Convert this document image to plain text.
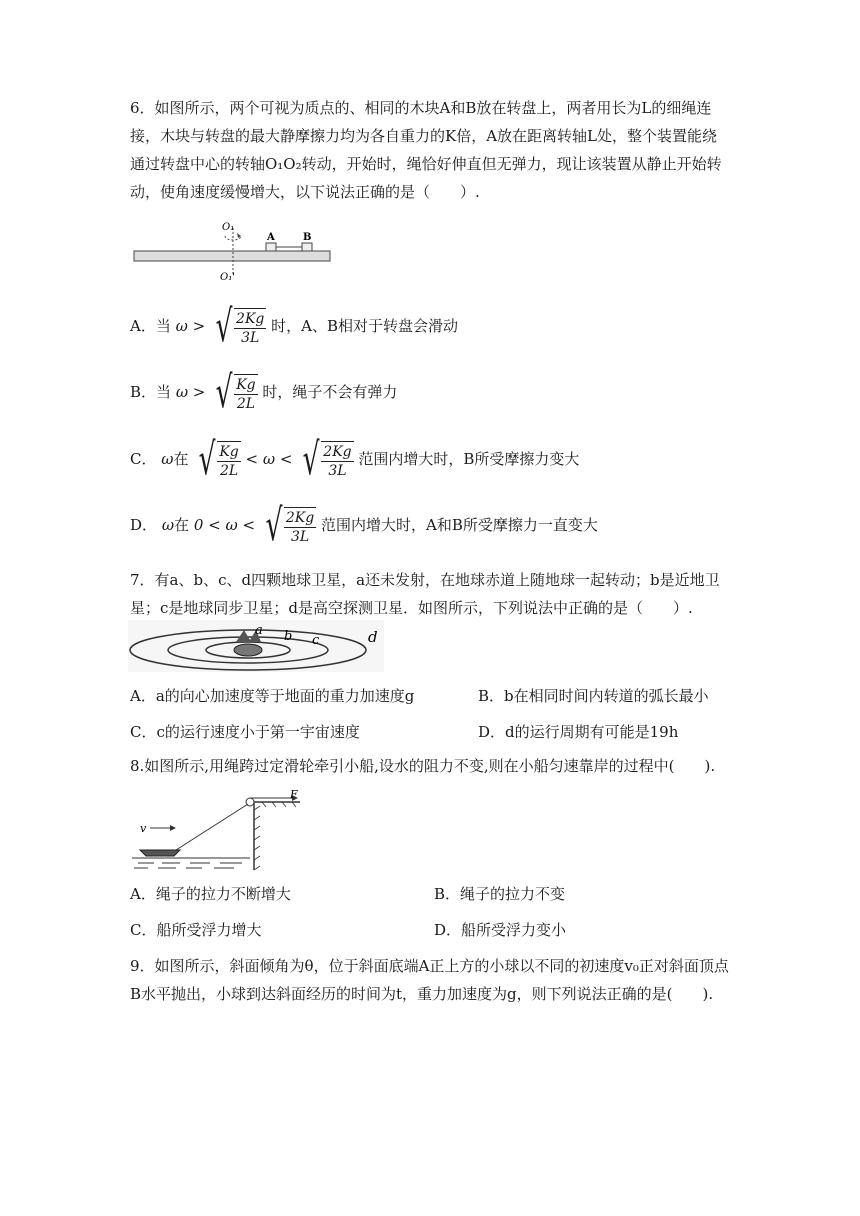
6．如图所示，两个可视为质点的、相同的木块A和B放在转盘上，两者用长为L的细绳连接，木块与转盘的最大静摩擦力均为各自重力的K倍，A放在距离转轴L处，整个装置能绕通过转盘中心的转轴O₁O₂转动，开始时，绳恰好伸直但无弹力，现让该装置从静止开始转动，使角速度缓慢增大，以下说法正确的是（　　）.
O₁
O₁'
A	B
A．当 ω > √ $\frac{2Kg}{3L}$ 时，A、B相对于转盘会滑动
B．当 ω > √ $\frac{Kg}{2L}$ 时，绳子不会有弹力
C． ω在 √ $\frac{Kg}{2L} < \omega$ < √ $\frac{2Kg}{3L}$ 范围内增大时，B所受摩擦力变大
D． ω在 0 < ω < √ $\frac{2Kg}{3L}$ 范围内增大时，A和B所受摩擦力一直变大
7．有a、b、c、d四颗地球卫星，a还未发射，在地球赤道上随地球一起转动；b是近地卫星；c是地球同步卫星；d是高空探测卫星．如图所示，下列说法中正确的是（　　）.
a b c	d
A．a的向心加速度等于地面的重力加速度g	B．b在相同时间内转道的弧长最小
C．c的运行速度小于第一宇宙速度	D．d的运行周期有可能是19h
8.如图所示,用绳跨过定滑轮牵引小船,设水的阻力不变,则在小船匀速靠岸的过程中(　　).
F
v
A．绳子的拉力不断增大	B．绳子的拉力不变
C．船所受浮力增大	D．船所受浮力变小
9．如图所示，斜面倾角为θ，位于斜面底端A正上方的小球以不同的初速度v₀正对斜面顶点B水平抛出，小球到达斜面经历的时间为t，重力加速度为g，则下列说法正确的是(　　).
